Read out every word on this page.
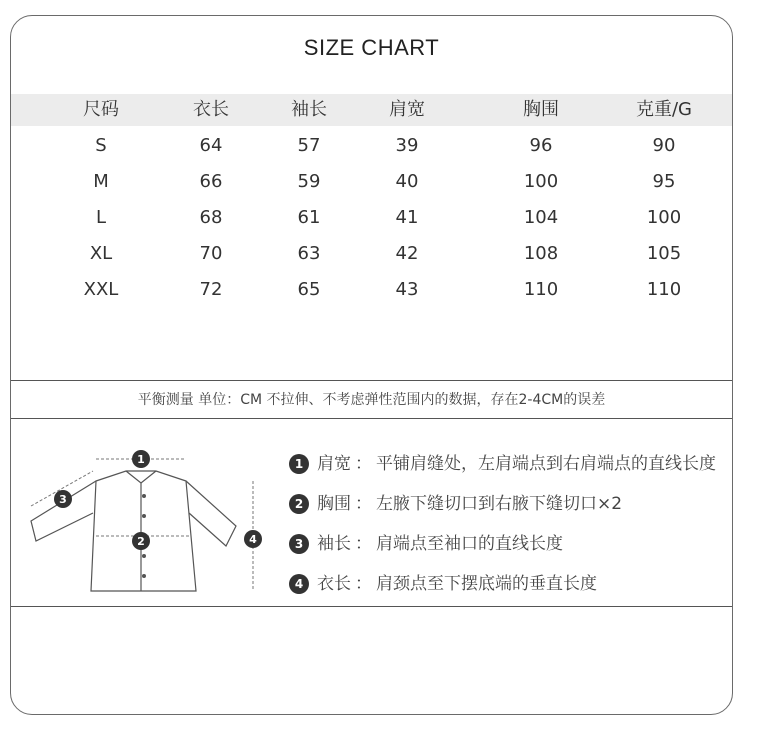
SIZE CHART
尺码	衣长	袖长	肩宽	胸围	克重/G
S	64	57	39	96	90
M	66	59	40	100	95
L	68	61	41	104	100
XL	70	63	42	108	105
XXL	72	65	43	110	110
平衡测量 单位：CM 不拉伸、不考虑弹性范围内的数据，存在2-4CM的误差
1
2
3
4
1 肩宽 ： 平铺肩缝处，左肩端点到右肩端点的直线长度
2 胸围 ： 左腋下缝切口到右腋下缝切口×2
3 袖长 ： 肩端点至袖口的直线长度
4 衣长 ： 肩颈点至下摆底端的垂直长度
